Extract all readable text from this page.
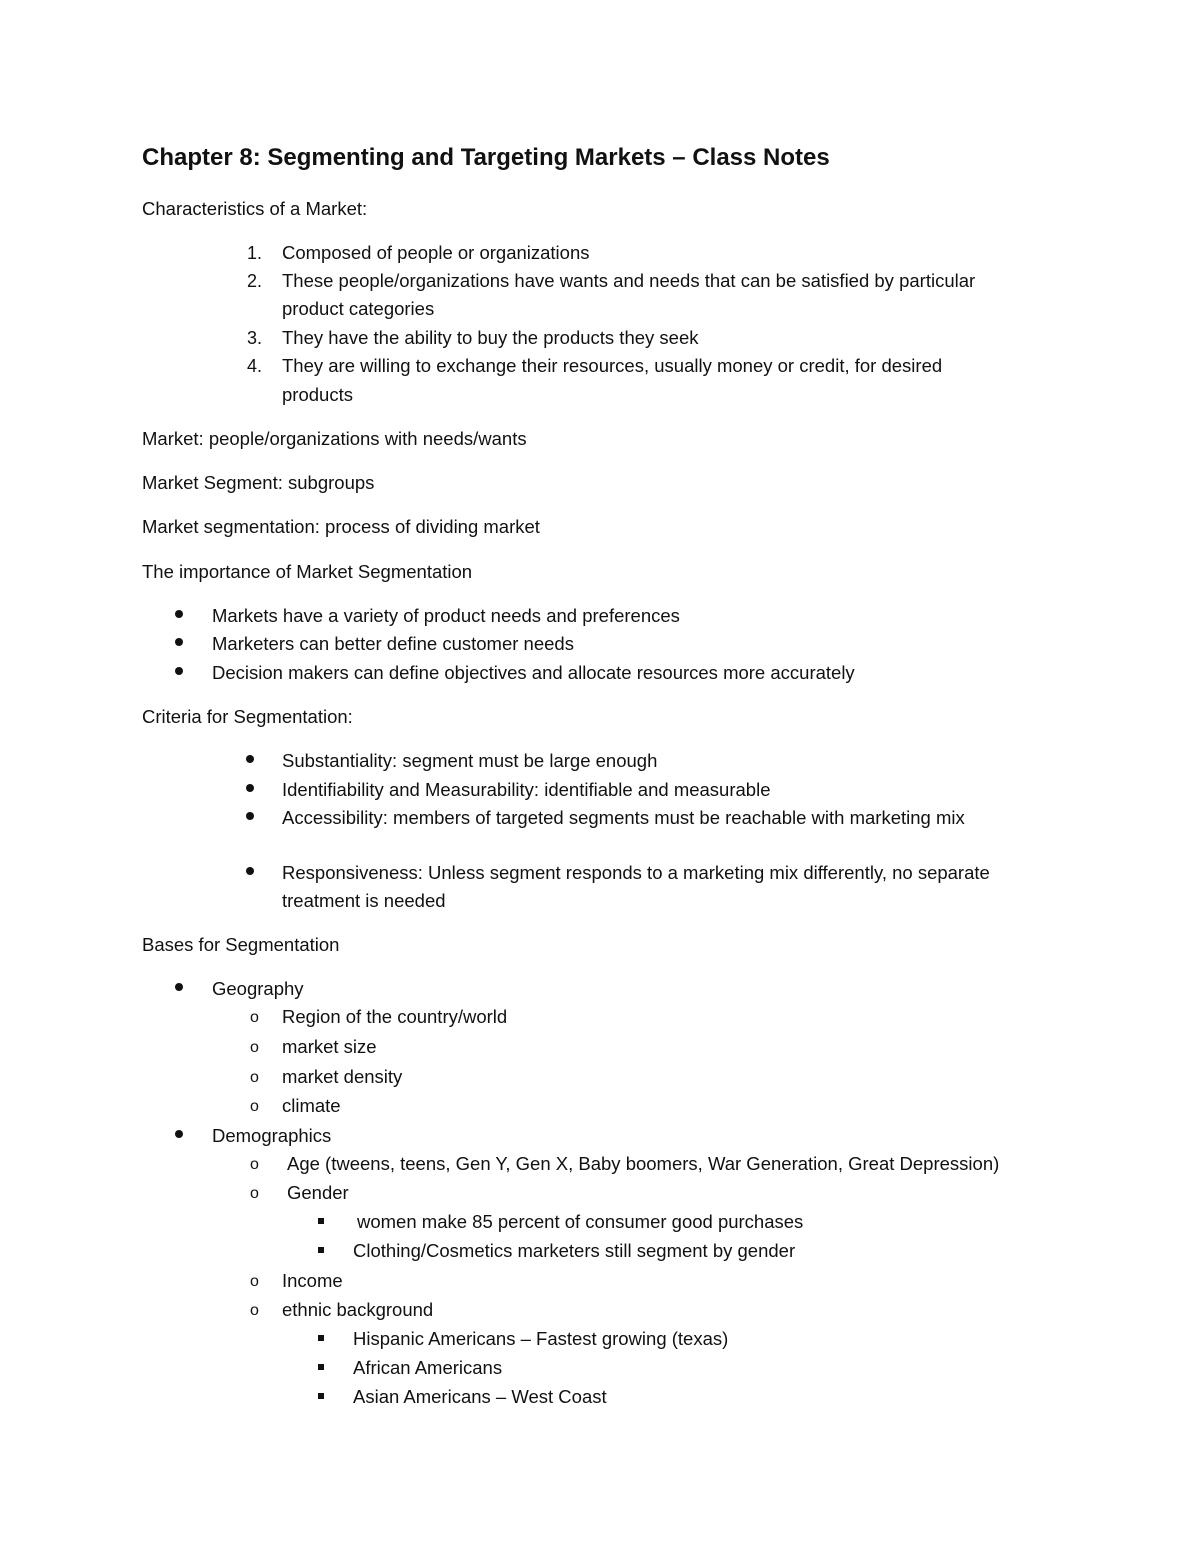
Chapter 8: Segmenting and Targeting Markets – Class Notes
Characteristics of a Market:
1. Composed of people or organizations
2. These people/organizations have wants and needs that can be satisfied by particular
product categories
3. They have the ability to buy the products they seek
4. They are willing to exchange their resources, usually money or credit, for desired
products
Market: people/organizations with needs/wants
Market Segment: subgroups
Market segmentation: process of dividing market
The importance of Market Segmentation
Markets have a variety of product needs and preferences
Marketers can better define customer needs
Decision makers can define objectives and allocate resources more accurately
Criteria for Segmentation:
Substantiality: segment must be large enough
Identifiability and Measurability: identifiable and measurable
Accessibility: members of targeted segments must be reachable with marketing mix
Responsiveness: Unless segment responds to a marketing mix differently, no separate
treatment is needed
Bases for Segmentation
Geography
o Region of the country/world
o market size
o market density
o climate
Demographics
o Age (tweens, teens, Gen Y, Gen X, Baby boomers, War Generation, Great Depression)
o Gender
women make 85 percent of consumer good purchases
Clothing/Cosmetics marketers still segment by gender
o Income
o ethnic background
Hispanic Americans – Fastest growing (texas)
African Americans
Asian Americans – West Coast
